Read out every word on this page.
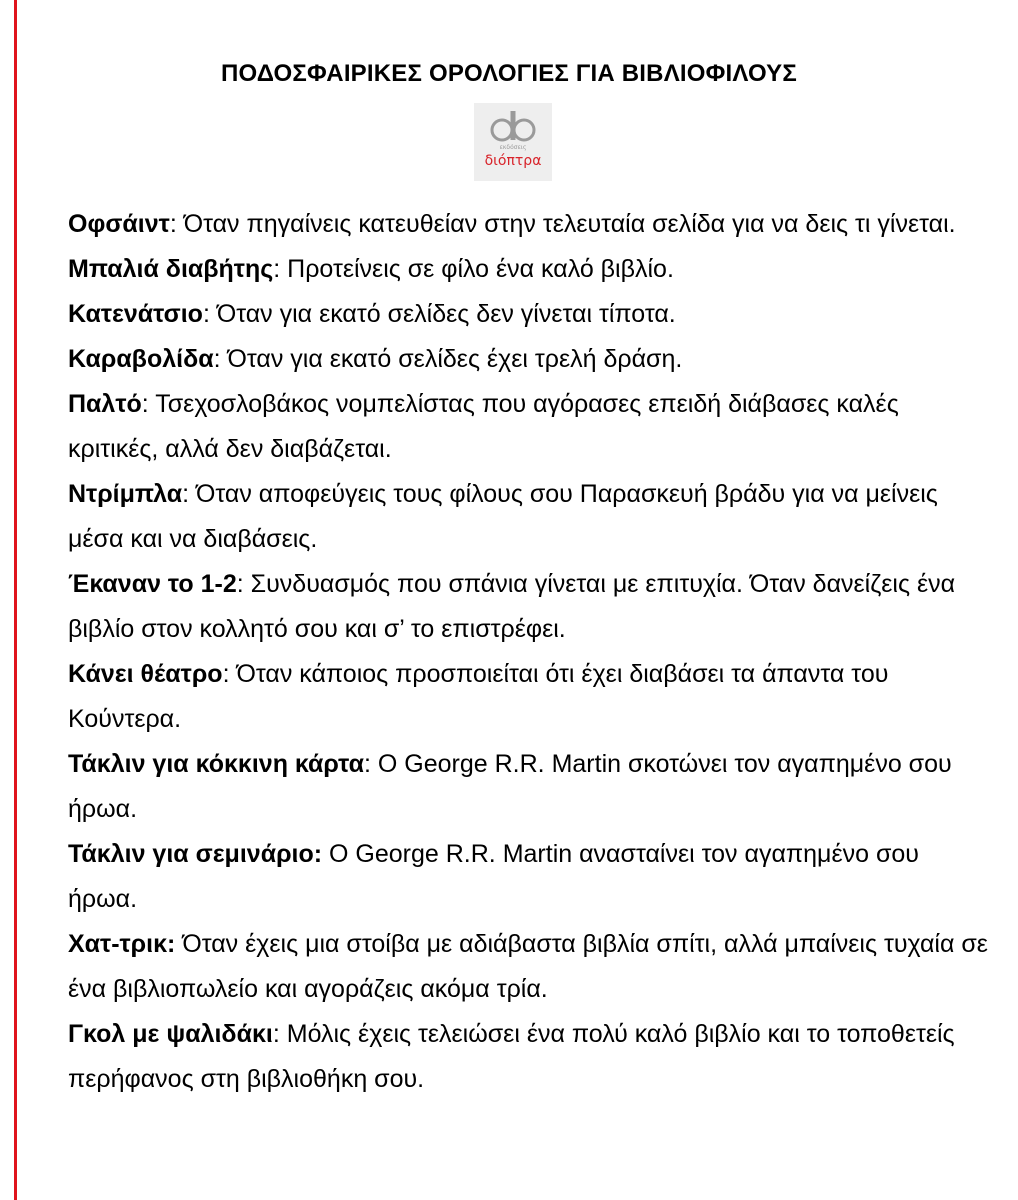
ΠΟΔΟΣΦΑΙΡΙΚΕΣ ΟΡΟΛΟΓΙΕΣ ΓΙΑ ΒΙΒΛΙΟΦΙΛΟΥΣ
εκδόσεις
διόπτρα

Οφσάιντ: Όταν πηγαίνεις κατευθείαν στην τελευταία σελίδα για να δεις τι γίνεται.

Μπαλιά διαβήτης: Προτείνεις σε φίλο ένα καλό βιβλίο.

Κατενάτσιο: Όταν για εκατό σελίδες δεν γίνεται τίποτα.

Καραβολίδα: Όταν για εκατό σελίδες έχει τρελή δράση.

Παλτό: Τσεχοσλοβάκος νομπελίστας που αγόρασες επειδή διάβασες καλές κριτικές, αλλά δεν διαβάζεται.

Ντρίμπλα: Όταν αποφεύγεις τους φίλους σου Παρασκευή βράδυ για να μείνεις μέσα και να διαβάσεις.

Έκαναν το 1-2: Συνδυασμός που σπάνια γίνεται με επιτυχία. Όταν δανείζεις ένα βιβλίο στον κολλητό σου και σ’ το επιστρέφει.

Κάνει θέατρο: Όταν κάποιος προσποιείται ότι έχει διαβάσει τα άπαντα του Κούντερα.

Τάκλιν για κόκκινη κάρτα: Ο George R.R. Martin σκοτώνει τον αγαπημένο σου ήρωα.

Τάκλιν για σεμινάριο: Ο George R.R. Martin ανασταίνει τον αγαπημένο σου ήρωα.

Χατ-τρικ: Όταν έχεις μια στοίβα με αδιάβαστα βιβλία σπίτι, αλλά μπαίνεις τυχαία σε ένα βιβλιοπωλείο και αγοράζεις ακόμα τρία.

Γκολ με ψαλιδάκι: Μόλις έχεις τελειώσει ένα πολύ καλό βιβλίο και το τοποθετείς περήφανος στη βιβλιοθήκη σου.
